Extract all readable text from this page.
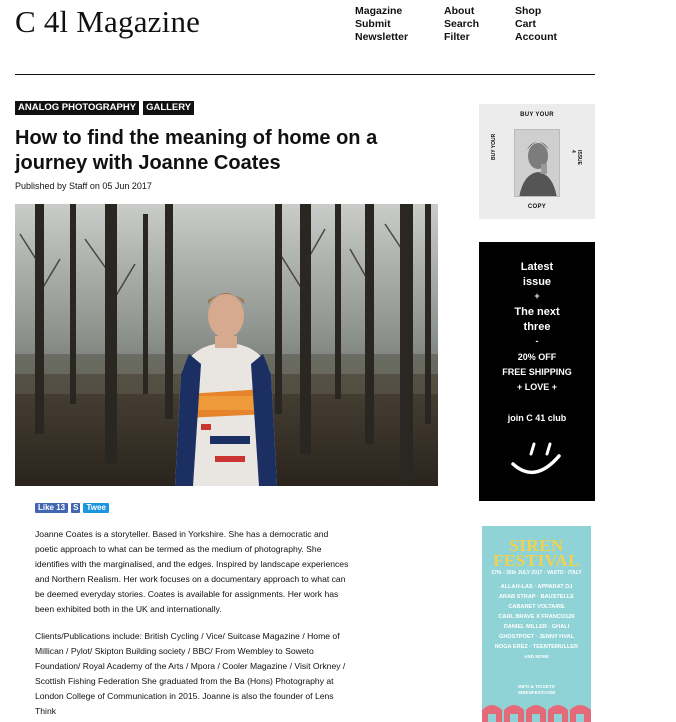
C 4l Magazine	Magazine
Submit
Newsletter
About
Search
Filter
Shop
Cart
Account
ANALOG PHOTOGRAPHY	GALLERY
How to find the meaning of home on a journey with Joanne Coates
Published by Staff on 05 Jun 2017
Like 13	S	Twee

Joanne Coates is a storyteller. Based in Yorkshire. She has a democratic and poetic approach to what can be termed as the medium of photography. She identifies with the marginalised, and the edges. Inspired by landscape experiences and Northern Realism. Her work focuses on a documentary approach to what can be deemed everyday stories. Coates is available for assignments. Her work has been exhibited both in the UK and internationally.

Clients/Publications include: British Cycling / Vice/ Suitcase Magazine / Home of Millican / Pylot/ Skipton Building society / BBC/ From Wembley to Soweto Foundation/ Royal Academy of the Arts / Mpora / Cooler Magazine / Visit Orkney / Scottish Fishing Federation She graduated from the Ba (Hons) Photography at London College of Communication in 2015. Joanne is also the founder of Lens Think

BUY YOUR
BUY YOUR	ISSUE 4
COPY
Latest
issue
+
The next
three
-
20% OFF
FREE SHIPPING
+ LOVE +
join C 41 club
SIREN
FESTIVAL
27th - 30th JULY 2017 · VASTO · ITALY
ALLAH-LAS · APPARAT DJ
ARAB STRAP · BAUSTELLE
CABARET VOLTAIRE
CARL BRAVE X FRANCO126
DANIEL MILLER · GHALI
GHOSTPOET · JENNY HVAL
NOGA EREZ · TEENTEMULLER
AND MORE
INFO & TICKETS
SIRENFEST.COM
